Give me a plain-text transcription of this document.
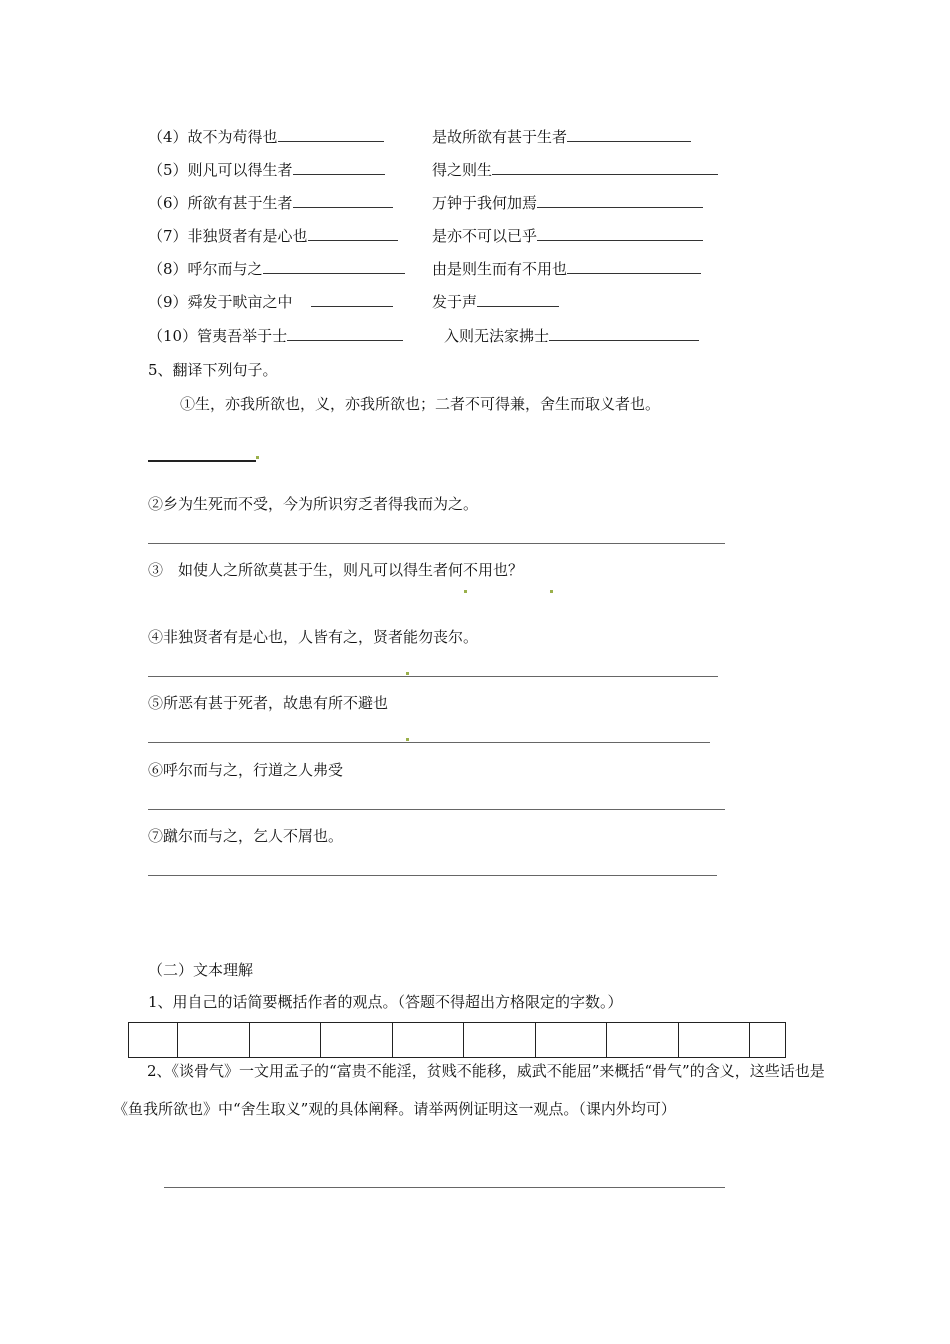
（4）故不为苟得也	是故所欲有甚于生者
（5）则凡可以得生者	得之则生
（6）所欲有甚于生者	万钟于我何加焉
（7）非独贤者有是心也	是亦不可以已乎
（8）呼尔而与之	由是则生而有不用也
（9）舜发于畎亩之中	发于声
（10）管夷吾举于士	入则无法家拂士
5、翻译下列句子。
①生，亦我所欲也，义，亦我所欲也；二者不可得兼，舍生而取义者也。
②乡为生死而不受，今为所识穷乏者得我而为之。
③　如使人之所欲莫甚于生，则凡可以得生者何不用也？
④非独贤者有是心也，人皆有之，贤者能勿丧尔。
⑤所恶有甚于死者，故患有所不避也
⑥呼尔而与之，行道之人弗受
⑦蹴尔而与之，乞人不屑也。
（二）文本理解
1、用自己的话简要概括作者的观点。（答题不得超出方格限定的字数。）
2、《谈骨气》一文用孟子的“富贵不能淫，贫贱不能移，威武不能屈”来概括“骨气”的含义，这些话也是《鱼我所欲也》中“舍生取义”观的具体阐释。请举两例证明这一观点。（课内外均可）
